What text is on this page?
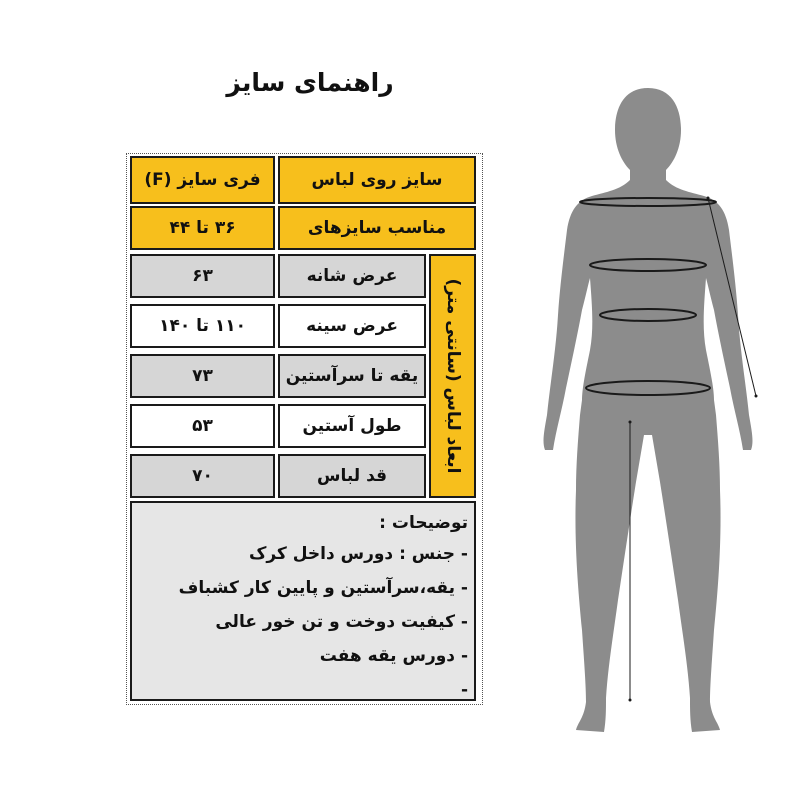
راهنمای سایز
فری سایز (F)	سایز روی لباس
۳۶ تا ۴۴	مناسب سایزهای
ابعاد لباس (سانتی متر)
۶۳	عرض شانه
۱۱۰ تا ۱۴۰	عرض سینه
۷۳	یقه تا سرآستین
۵۳	طول آستین
۷۰	قد لباس
توضیحات :
- جنس : دورس داخل کرک
- یقه،سرآستین و پایین کار کشباف
- کیفیت دوخت و تن خور عالی
- دورس یقه هفت
-
